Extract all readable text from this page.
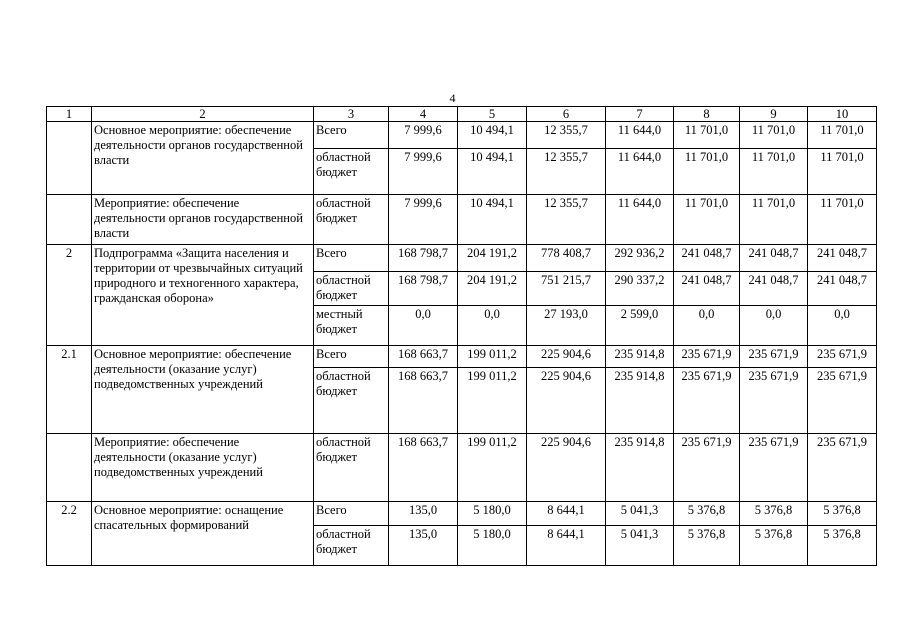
4
1	2	3	4	5	6	7	8	9	10
	Основное мероприятие: обеспечение деятельности органов государственной власти	Всего	7 999,6	10 494,1	12 355,7	11 644,0	11 701,0	11 701,0	11 701,0
		областной бюджет	7 999,6	10 494,1	12 355,7	11 644,0	11 701,0	11 701,0	11 701,0
	Мероприятие: обеспечение деятельности органов государственной власти	областной бюджет	7 999,6	10 494,1	12 355,7	11 644,0	11 701,0	11 701,0	11 701,0
2	Подпрограмма «Защита населения и территории от чрезвычайных ситуаций природного и техногенного характера, гражданская оборона»	Всего	168 798,7	204 191,2	778 408,7	292 936,2	241 048,7	241 048,7	241 048,7
		областной бюджет	168 798,7	204 191,2	751 215,7	290 337,2	241 048,7	241 048,7	241 048,7
		местный бюджет	0,0	0,0	27 193,0	2 599,0	0,0	0,0	0,0
2.1	Основное мероприятие: обеспечение деятельности (оказание услуг) подведомственных учреждений	Всего	168 663,7	199 011,2	225 904,6	235 914,8	235 671,9	235 671,9	235 671,9
		областной бюджет	168 663,7	199 011,2	225 904,6	235 914,8	235 671,9	235 671,9	235 671,9
	Мероприятие: обеспечение деятельности (оказание услуг) подведомственных учреждений	областной бюджет	168 663,7	199 011,2	225 904,6	235 914,8	235 671,9	235 671,9	235 671,9
2.2	Основное мероприятие: оснащение спасательных формирований	Всего	135,0	5 180,0	8 644,1	5 041,3	5 376,8	5 376,8	5 376,8
		областной бюджет	135,0	5 180,0	8 644,1	5 041,3	5 376,8	5 376,8	5 376,8
